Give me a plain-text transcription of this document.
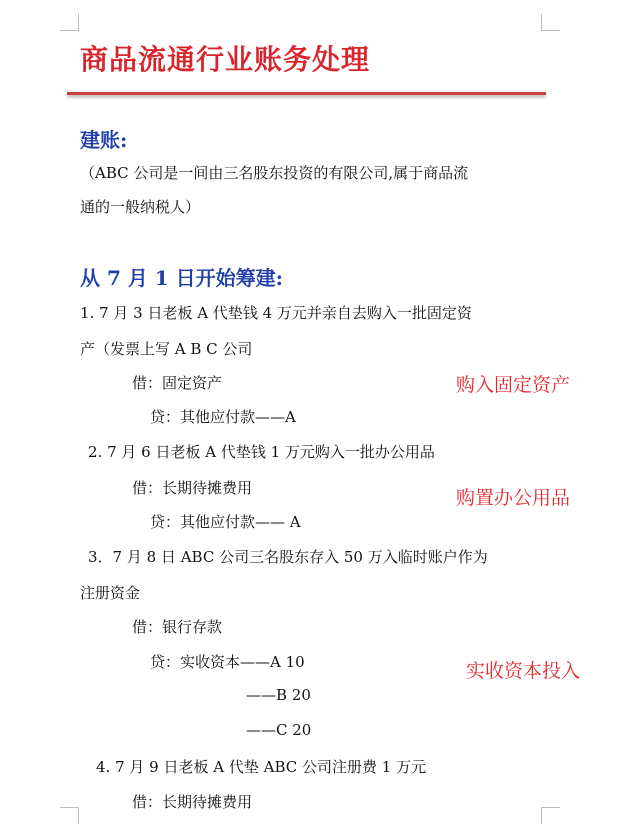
商品流通行业账务处理
建账:
（ABC 公司是一间由三名股东投资的有限公司,属于商品流
通的一般纳税人）
从 7 月 1 日开始筹建:
1. 7 月 3 日老板 A 代垫钱 4 万元并亲自去购入一批固定资
产（发票上写 A B C 公司
借：固定资产
贷：其他应付款——A
购入固定资产
2. 7 月 6 日老板 A 代垫钱 1 万元购入一批办公用品
借：长期待摊费用
贷：其他应付款—— A
购置办公用品
3．7 月 8 日 ABC 公司三名股东存入 50 万入临时账户作为
注册资金
借：银行存款
贷：实收资本——A 10
——B 20
——C 20
实收资本投入
4. 7 月 9 日老板 A 代垫 ABC 公司注册费 1 万元
借：长期待摊费用
